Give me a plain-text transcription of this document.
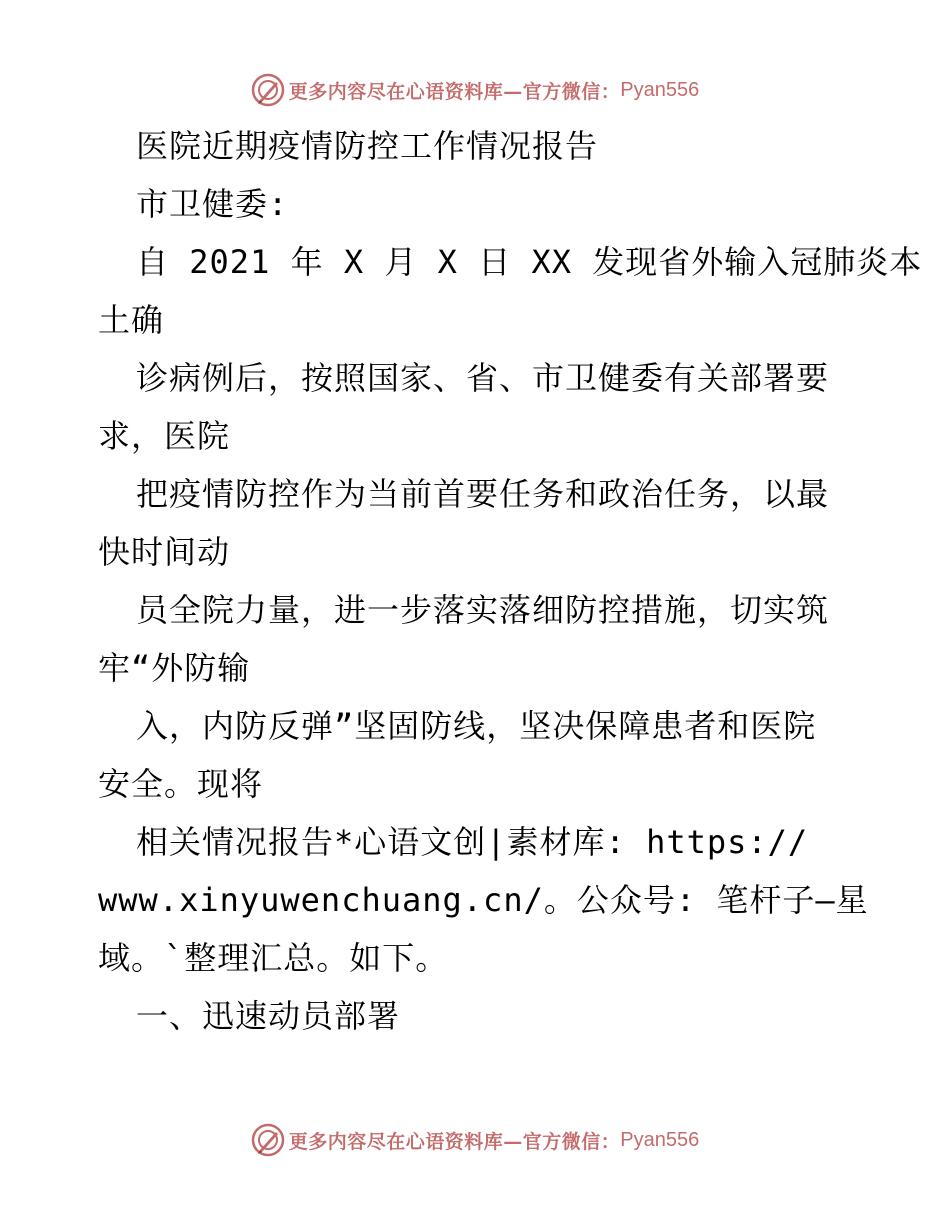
更多内容尽在心语资料库—官方微信： Pyan556
医院近期疫情防控工作情况报告
市卫健委:
自 2021 年 X 月 X 日 XX 发现省外输入冠肺炎本
土确
诊病例后，按照国家、省、市卫健委有关部署要
求，医院
把疫情防控作为当前首要任务和政治任务，以最
快时间动
员全院力量，进一步落实落细防控措施，切实筑
牢“外防输
入，内防反弹”坚固防线，坚决保障患者和医院
安全。现将
相关情况报告*心语文创|素材库: https://
www.xinyuwenchuang.cn/。公众号: 笔杆子—星
域。`整理汇总。如下。
一、迅速动员部署
更多内容尽在心语资料库—官方微信： Pyan556
